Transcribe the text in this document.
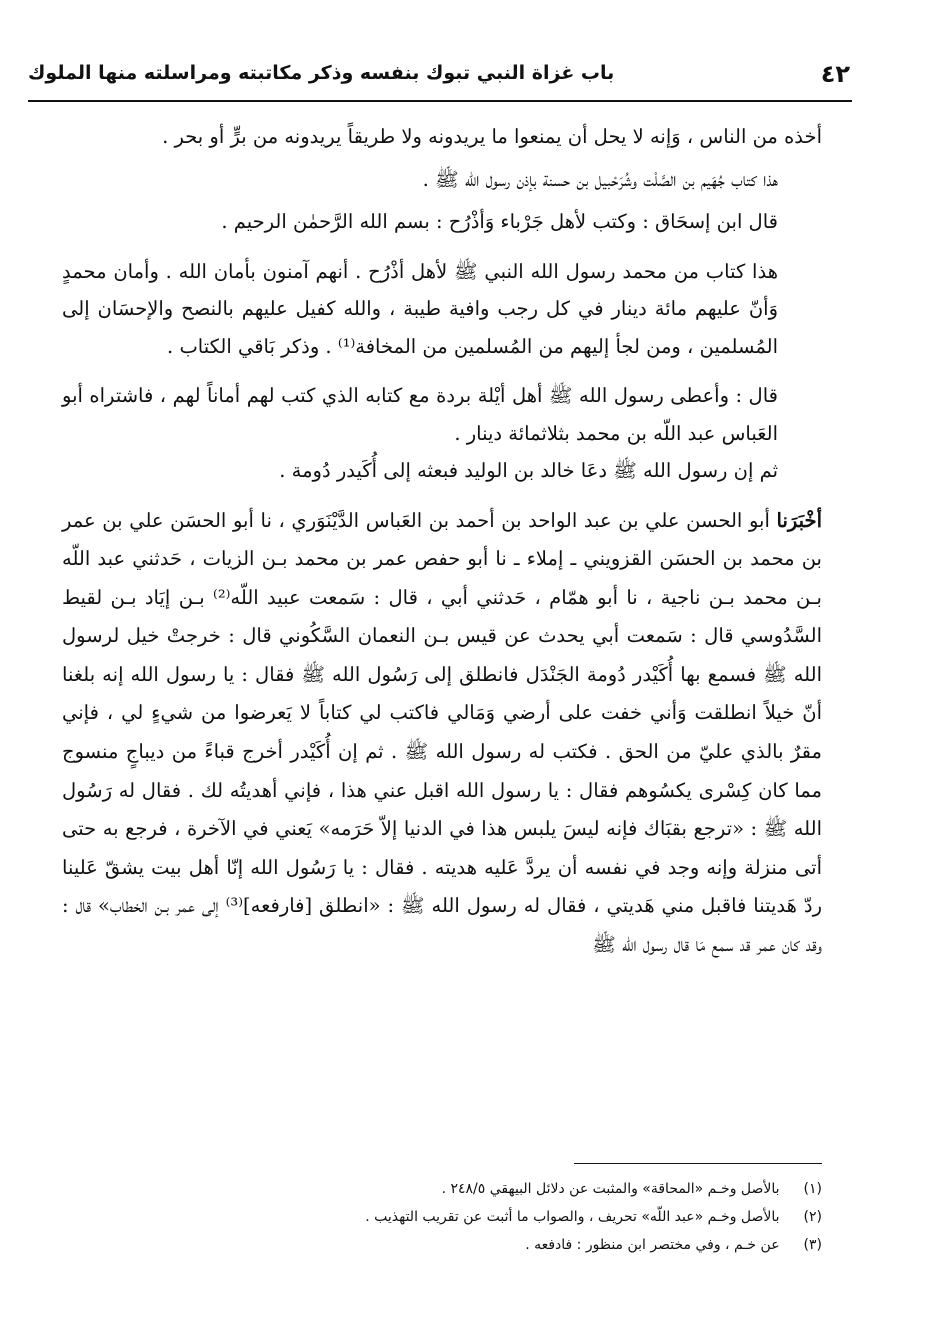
٤٢
باب غزاة النبي تبوك بنفسه وذكر مكاتبته ومراسلته منها الملوك

أخذه من الناس ، وَإنه لا يحل أن يمنعوا ما يريدونه ولا طريقاً يريدونه من برٍّ أو بحر .

هذا كتاب جُهَيم بن الصَّلْت وشُرَحْبيل بن حسنة بإذن رسول الله ﷺ .

قال ابن إسحَاق : وكتب لأهل جَرْباء وَأذْرُح : بسم الله الرَّحمٰن الرحيم .

هذا كتاب من محمد رسول الله النبي ﷺ لأهل أذْرُح . أنهم آمنون بأمان الله . وأمان محمدٍ وَأنّ عليهم مائة دينار في كل رجب وافية طيبة ، والله كفيل عليهم بالنصح والإحسَان إلى المُسلمين ، ومن لجأ إليهم من المُسلمين من المخافة⁽¹⁾ . وذكر بَاقي الكتاب .

قال : وأعطى رسول الله ﷺ أهل أيْلة بردة مع كتابه الذي كتب لهم أماناً لهم ، فاشتراه أبو العَباس عبد اللّه بن محمد بثلاثمائة دينار .

ثم إن رسول الله ﷺ دعَا خالد بن الوليد فبعثه إلى أُكَيدر دُومة .

أخْبَرَنا أبو الحسن علي بن عبد الواحد بن أحمد بن العَباس الدَّيْنَوَري ، نا أبو الحسَن علي بن عمر بن محمد بن الحسَن القزويني ـ إملاء ـ نا أبو حفص عمر بن محمد بـن الزيات ، حَدثني عبد اللّه بـن محمد بـن ناجية ، نا أبو همّام ، حَدثني أبي ، قال : سَمعت عبيد اللّه⁽²⁾ بـن إيَاد بـن لقيط السَّدُوسي قال : سَمعت أبي يحدث عن قيس بـن النعمان السَّكُوني قال : خرجتْ خيل لرسول الله ﷺ فسمع بها أُكَيْدر دُومة الجَنْدَل فانطلق إلى رَسُول الله ﷺ فقال : يا رسول الله إنه بلغنا أنّ خيلاً انطلقت وَأني خفت على أرضي وَمَالي فاكتب لي كتاباً لا يَعرضوا من شيءٍ لي ، فإني مقرٌ بالذي عليّ من الحق . فكتب له رسول الله ﷺ . ثم إن أُكَيْدر أخرج قباءً من ديباجٍ منسوج مما كان كِسْرى يكسُوهم فقال : يا رسول الله اقبل عني هذا ، فإني أهديتُه لك . فقال له رَسُول الله ﷺ : «ترجع بقبَاك فإنه ليسَ يلبس هذا في الدنيا إلاّ حَرَمه» يَعني في الآخرة ، فرجع به حتى أتى منزلة وإنه وجد في نفسه أن يردَّ عَليه هديته . فقال : يا رَسُول الله إنّا أهل بيت يشقّ عَلينا ردّ هَديتنا فاقبل مني هَديتي ، فقال له رسول الله ﷺ : «انطلق [فارفعه]⁽³⁾ إلى عمر بـن الخطاب» قال : وقد كان عمر قد سمع مَا قال رسول الله ﷺ

(١) بالأصل وخـم «المحاقة» والمثبت عن دلائل البيهقي ٢٤٨/٥ .
(٢) بالأصل وخـم «عبد اللّه» تحريف ، والصواب ما أثبت عن تقريب التهذيب .
(٣) عن خـم ، وفي مختصر ابن منظور : فادفعه .
